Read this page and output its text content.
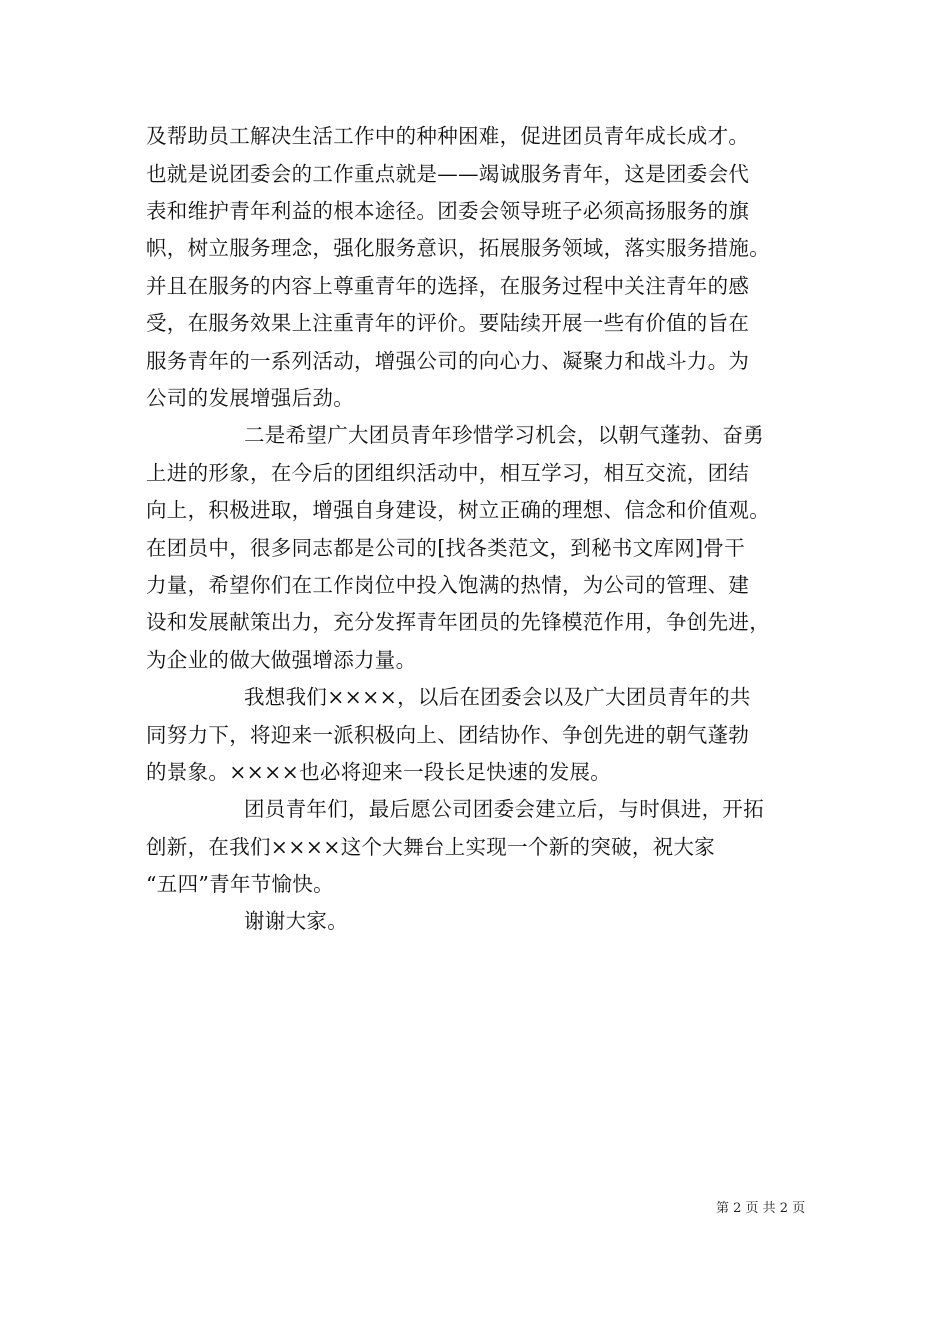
及帮助员工解决生活工作中的种种困难，促进团员青年成长成才。
也就是说团委会的工作重点就是——竭诚服务青年，这是团委会代
表和维护青年利益的根本途径。团委会领导班子必须高扬服务的旗
帜，树立服务理念，强化服务意识，拓展服务领域，落实服务措施。
并且在服务的内容上尊重青年的选择，在服务过程中关注青年的感
受，在服务效果上注重青年的评价。要陆续开展一些有价值的旨在
服务青年的一系列活动，增强公司的向心力、凝聚力和战斗力。为
公司的发展增强后劲。
二是希望广大团员青年珍惜学习机会，以朝气蓬勃、奋勇
上进的形象，在今后的团组织活动中，相互学习，相互交流，团结
向上，积极进取，增强自身建设，树立正确的理想、信念和价值观。
在团员中，很多同志都是公司的[找各类范文，到秘书文库网]骨干
力量，希望你们在工作岗位中投入饱满的热情，为公司的管理、建
设和发展献策出力，充分发挥青年团员的先锋模范作用，争创先进，
为企业的做大做强增添力量。
我想我们××××，以后在团委会以及广大团员青年的共
同努力下，将迎来一派积极向上、团结协作、争创先进的朝气蓬勃
的景象。××××也必将迎来一段长足快速的发展。
团员青年们，最后愿公司团委会建立后，与时俱进，开拓
创新，在我们××××这个大舞台上实现一个新的突破，祝大家
“五四”青年节愉快。
谢谢大家。
第 2 页 共 2 页
